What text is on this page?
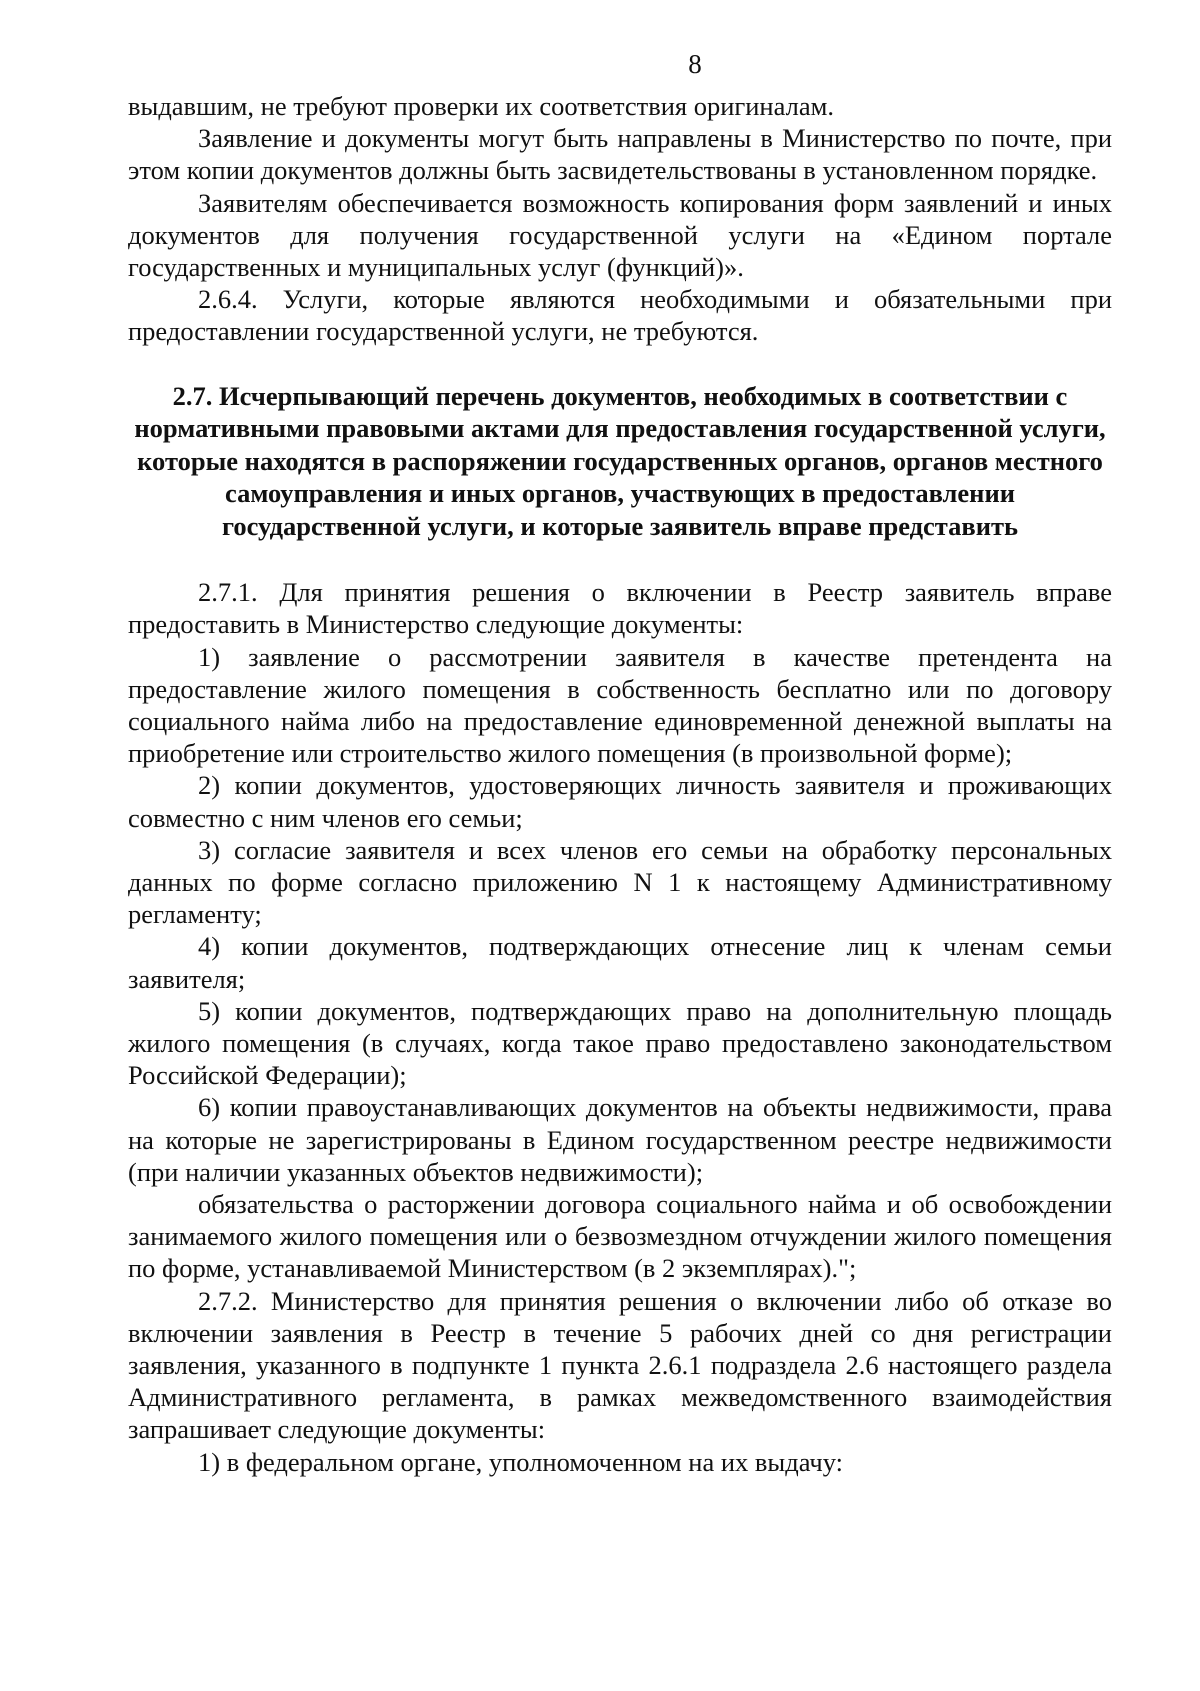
8

выдавшим, не требуют проверки их соответствия оригиналам.

Заявление и документы могут быть направлены в Министерство по почте, при этом копии документов должны быть засвидетельствованы в установленном порядке.

Заявителям обеспечивается возможность копирования форм заявлений и иных документов для получения государственной услуги на «Едином портале государственных и муниципальных услуг (функций)».

2.6.4. Услуги, которые являются необходимыми и обязательными при предоставлении государственной услуги, не требуются.

2.7. Исчерпывающий перечень документов, необходимых в соответствии с нормативными правовыми актами для предоставления государственной услуги, которые находятся в распоряжении государственных органов, органов местного самоуправления и иных органов, участвующих в предоставлении государственной услуги, и которые заявитель вправе представить

2.7.1. Для принятия решения о включении в Реестр заявитель вправе предоставить в Министерство следующие документы:

1) заявление о рассмотрении заявителя в качестве претендента на предоставление жилого помещения в собственность бесплатно или по договору социального найма либо на предоставление единовременной денежной выплаты на приобретение или строительство жилого помещения (в произвольной форме);

2) копии документов, удостоверяющих личность заявителя и проживающих совместно с ним членов его семьи;

3) согласие заявителя и всех членов его семьи на обработку персональных данных по форме согласно приложению N 1 к настоящему Административному регламенту;

4) копии документов, подтверждающих отнесение лиц к членам семьи заявителя;

5) копии документов, подтверждающих право на дополнительную площадь жилого помещения (в случаях, когда такое право предоставлено законодательством Российской Федерации);

6) копии правоустанавливающих документов на объекты недвижимости, права на которые не зарегистрированы в Едином государственном реестре недвижимости (при наличии указанных объектов недвижимости);

обязательства о расторжении договора социального найма и об освобождении занимаемого жилого помещения или о безвозмездном отчуждении жилого помещения по форме, устанавливаемой Министерством (в 2 экземплярах).";

2.7.2. Министерство для принятия решения о включении либо об отказе во включении заявления в Реестр в течение 5 рабочих дней со дня регистрации заявления, указанного в подпункте 1 пункта 2.6.1 подраздела 2.6 настоящего раздела Административного регламента, в рамках межведомственного взаимодействия запрашивает следующие документы:

1) в федеральном органе, уполномоченном на их выдачу:
